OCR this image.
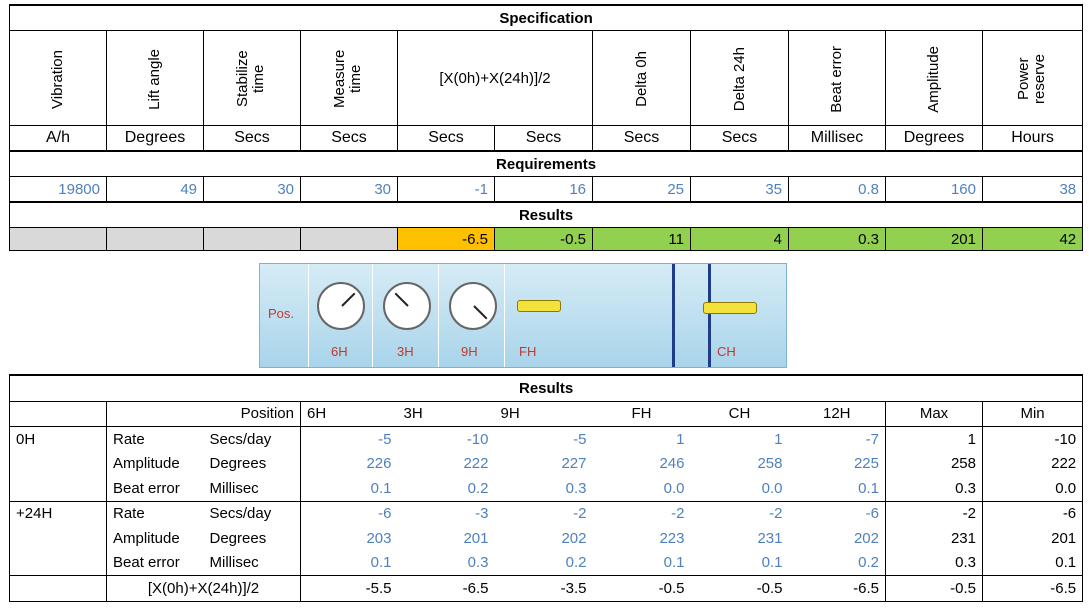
Specification										

Vibration	Lift angle	Stabilize time	Measure time	[X(0h)+X(24h)]/2		Delta 0h	Delta 24h	Beat error	Amplitude	Power reserve

A/h	Degrees	Secs	Secs	Secs	Secs	Secs	Secs	Millisec	Degrees	Hours
Requirements										
19800	49	30	30	-1	16	25	35	0.8	160	38
Results										
				-6.5	-0.5	11	4	0.3	201	42
Pos.
6H	3H	9H	FH	CH
Results										
		Position	6H	3H	9H	FH	CH	12H	Max	Min
0H	Rate	Secs/day	-5	-10	-5	1	1	-7	1	-10
	Amplitude	Degrees	226	222	227	246	258	225	258	222
	Beat error	Millisec	0.1	0.2	0.3	0.0	0.0	0.1	0.3	0.0
+24H	Rate	Secs/day	-6	-3	-2	-2	-2	-6	-2	-6
	Amplitude	Degrees	203	201	202	223	231	202	231	201
	Beat error	Millisec	0.1	0.3	0.2	0.1	0.1	0.2	0.3	0.1
	[X(0h)+X(24h)]/2		-5.5	-6.5	-3.5	-0.5	-0.5	-6.5	-0.5	-6.5
